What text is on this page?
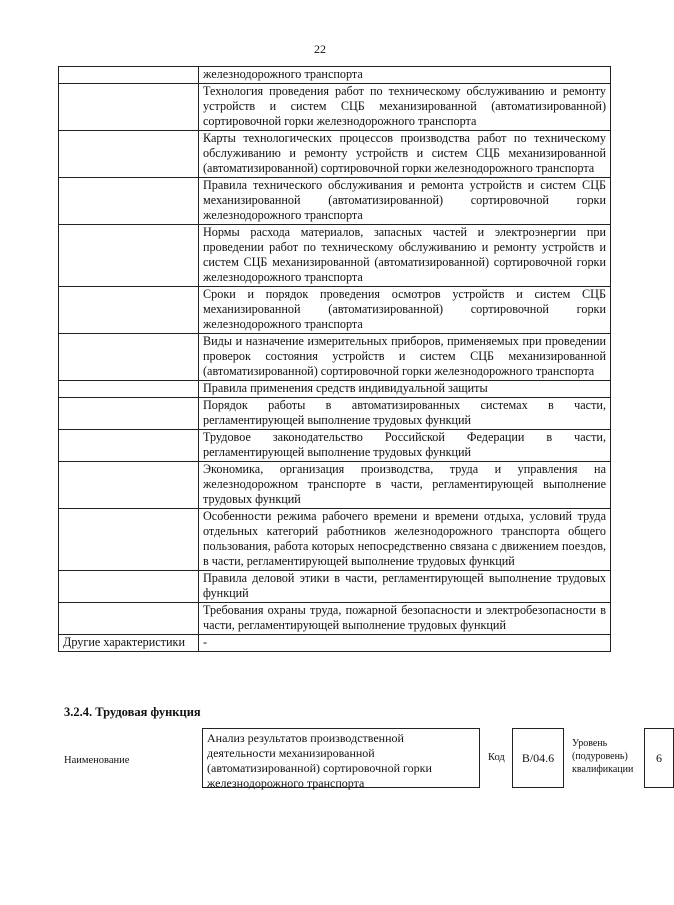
22
	железнодорожного транспорта
	Технология проведения работ по техническому обслуживанию и ремонту устройств и систем СЦБ механизированной (автоматизированной) сортировочной горки железнодорожного транспорта
	Карты технологических процессов производства работ по техническому обслуживанию и ремонту устройств и систем СЦБ механизированной (автоматизированной) сортировочной горки железнодорожного транспорта
	Правила технического обслуживания и ремонта устройств и систем СЦБ механизированной (автоматизированной) сортировочной горки железнодорожного транспорта
	Нормы расхода материалов, запасных частей и электроэнергии при проведении работ по техническому обслуживанию и ремонту устройств и систем СЦБ механизированной (автоматизированной) сортировочной горки железнодорожного транспорта
	Сроки и порядок проведения осмотров устройств и систем СЦБ механизированной (автоматизированной) сортировочной горки железнодорожного транспорта
	Виды и назначение измерительных приборов, применяемых при проведении проверок состояния устройств и систем СЦБ механизированной (автоматизированной) сортировочной горки железнодорожного транспорта
	Правила применения средств индивидуальной защиты
	Порядок работы в автоматизированных системах в части, регламентирующей выполнение трудовых функций
	Трудовое законодательство Российской Федерации в части, регламентирующей выполнение трудовых функций
	Экономика, организация производства, труда и управления на железнодорожном транспорте в части, регламентирующей выполнение трудовых функций
	Особенности режима рабочего времени и времени отдыха, условий труда отдельных категорий работников железнодорожного транспорта общего пользования, работа которых непосредственно связана с движением поездов, в части, регламентирующей выполнение трудовых функций
	Правила деловой этики в части, регламентирующей выполнение трудовых функций
	Требования охраны труда, пожарной безопасности и электробезопасности в части, регламентирующей выполнение трудовых функций
Другие характеристики	-
3.2.4. Трудовая функция
Наименование
Анализ результатов производственной деятельности механизированной (автоматизированной) сортировочной горки железнодорожного транспорта
Код	В/04.6
Уровень (подуровень) квалификации
6
